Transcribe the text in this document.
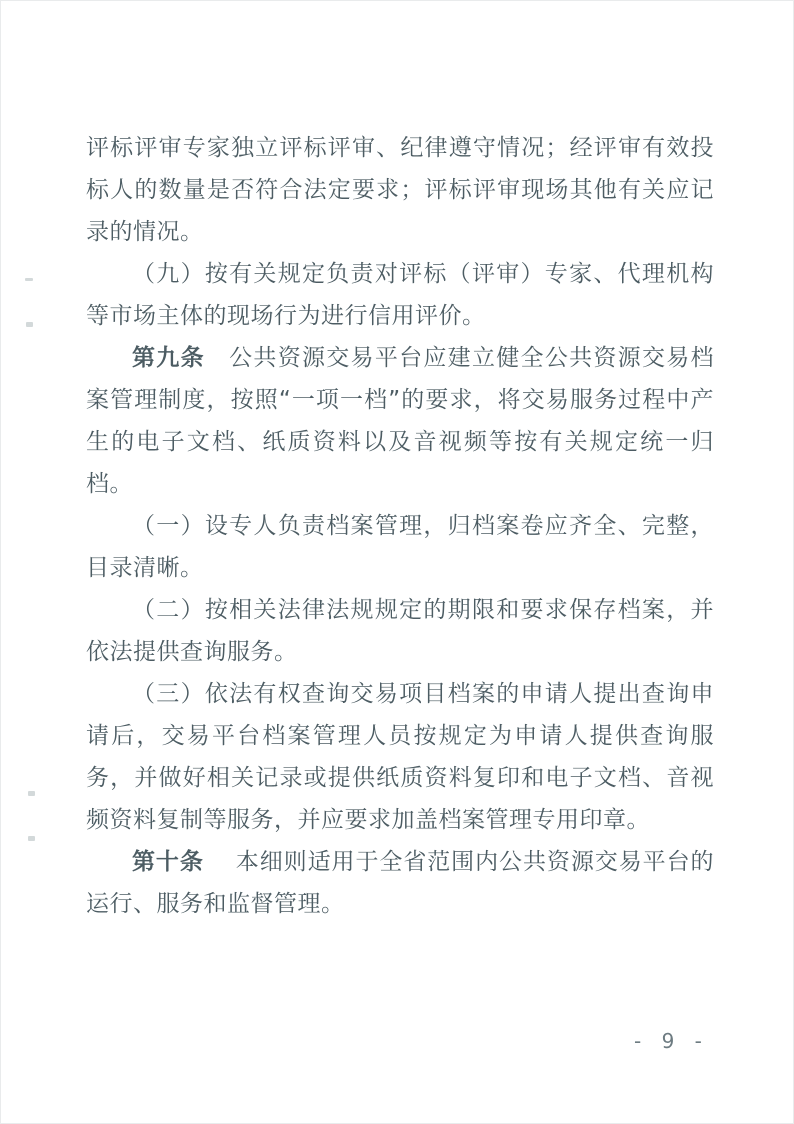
评标评审专家独立评标评审、纪律遵守情况；经评审有效投标人的数量是否符合法定要求；评标评审现场其他有关应记录的情况。

（九）按有关规定负责对评标（评审）专家、代理机构等市场主体的现场行为进行信用评价。

第九条　公共资源交易平台应建立健全公共资源交易档案管理制度，按照“一项一档”的要求，将交易服务过程中产生的电子文档、纸质资料以及音视频等按有关规定统一归档。

（一）设专人负责档案管理，归档案卷应齐全、完整，目录清晰。

（二）按相关法律法规规定的期限和要求保存档案，并依法提供查询服务。

（三）依法有权查询交易项目档案的申请人提出查询申请后，交易平台档案管理人员按规定为申请人提供查询服务，并做好相关记录或提供纸质资料复印和电子文档、音视频资料复制等服务，并应要求加盖档案管理专用印章。

第十条　本细则适用于全省范围内公共资源交易平台的运行、服务和监督管理。

- 9 -
